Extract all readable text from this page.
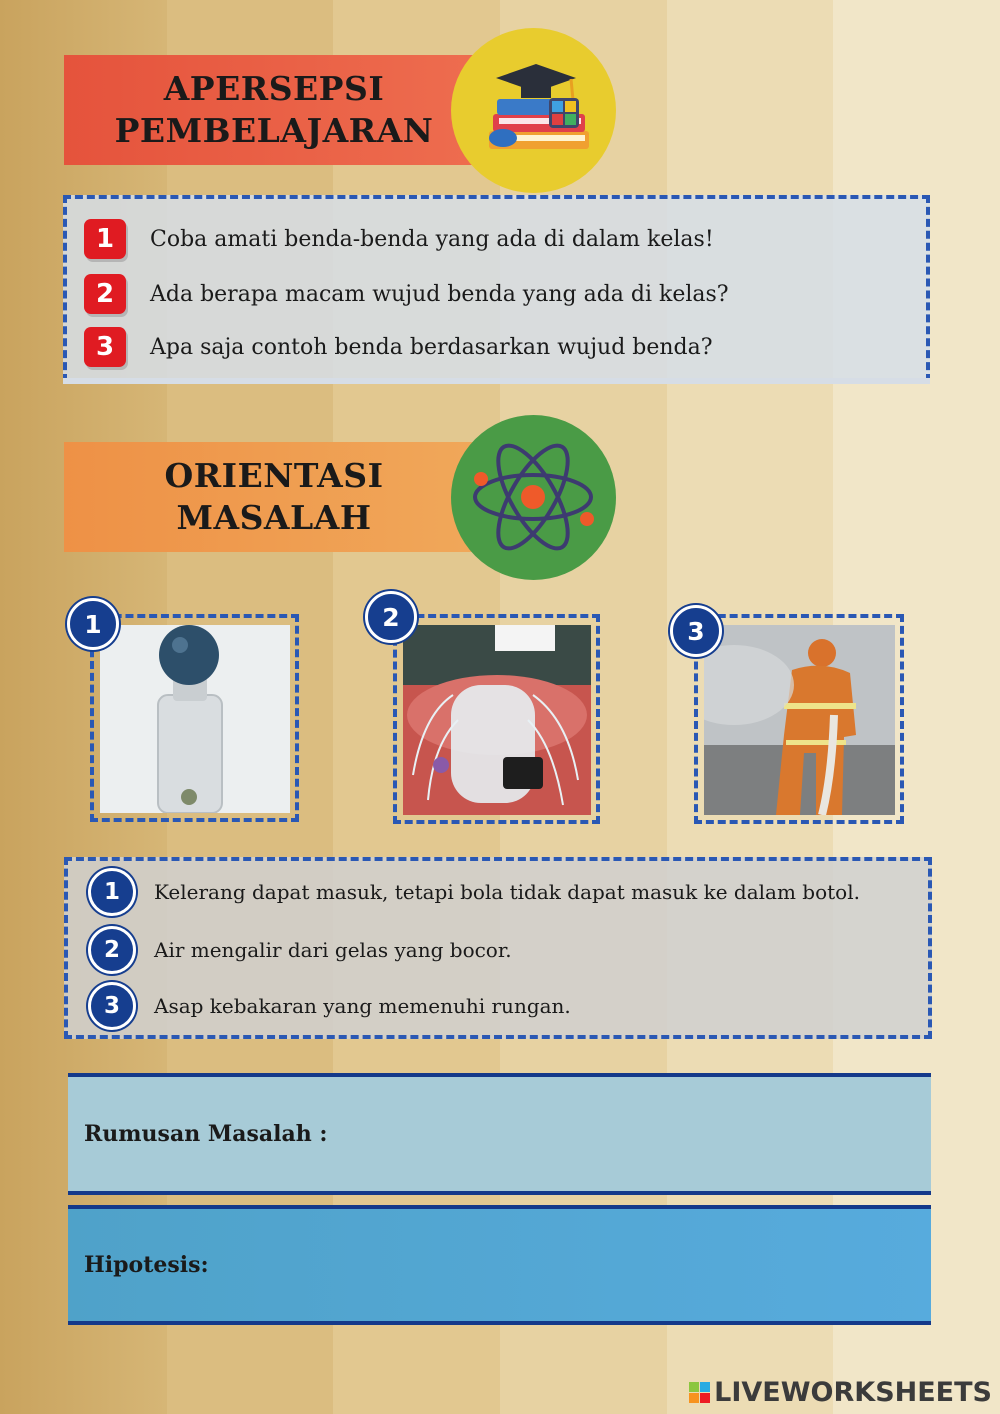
APERSEPSI
PEMBELAJARAN
1	Coba amati benda-benda yang ada di dalam kelas!
2	Ada berapa macam wujud benda yang ada di kelas?
3	Apa saja contoh benda berdasarkan wujud benda?
ORIENTASI
MASALAH
1	2	3
1	Kelerang dapat masuk, tetapi bola tidak dapat masuk ke dalam botol.
2	Air mengalir dari gelas yang bocor.
3	Asap kebakaran yang memenuhi rungan.
Rumusan Masalah :
Hipotesis:
LIVEWORKSHEETS
